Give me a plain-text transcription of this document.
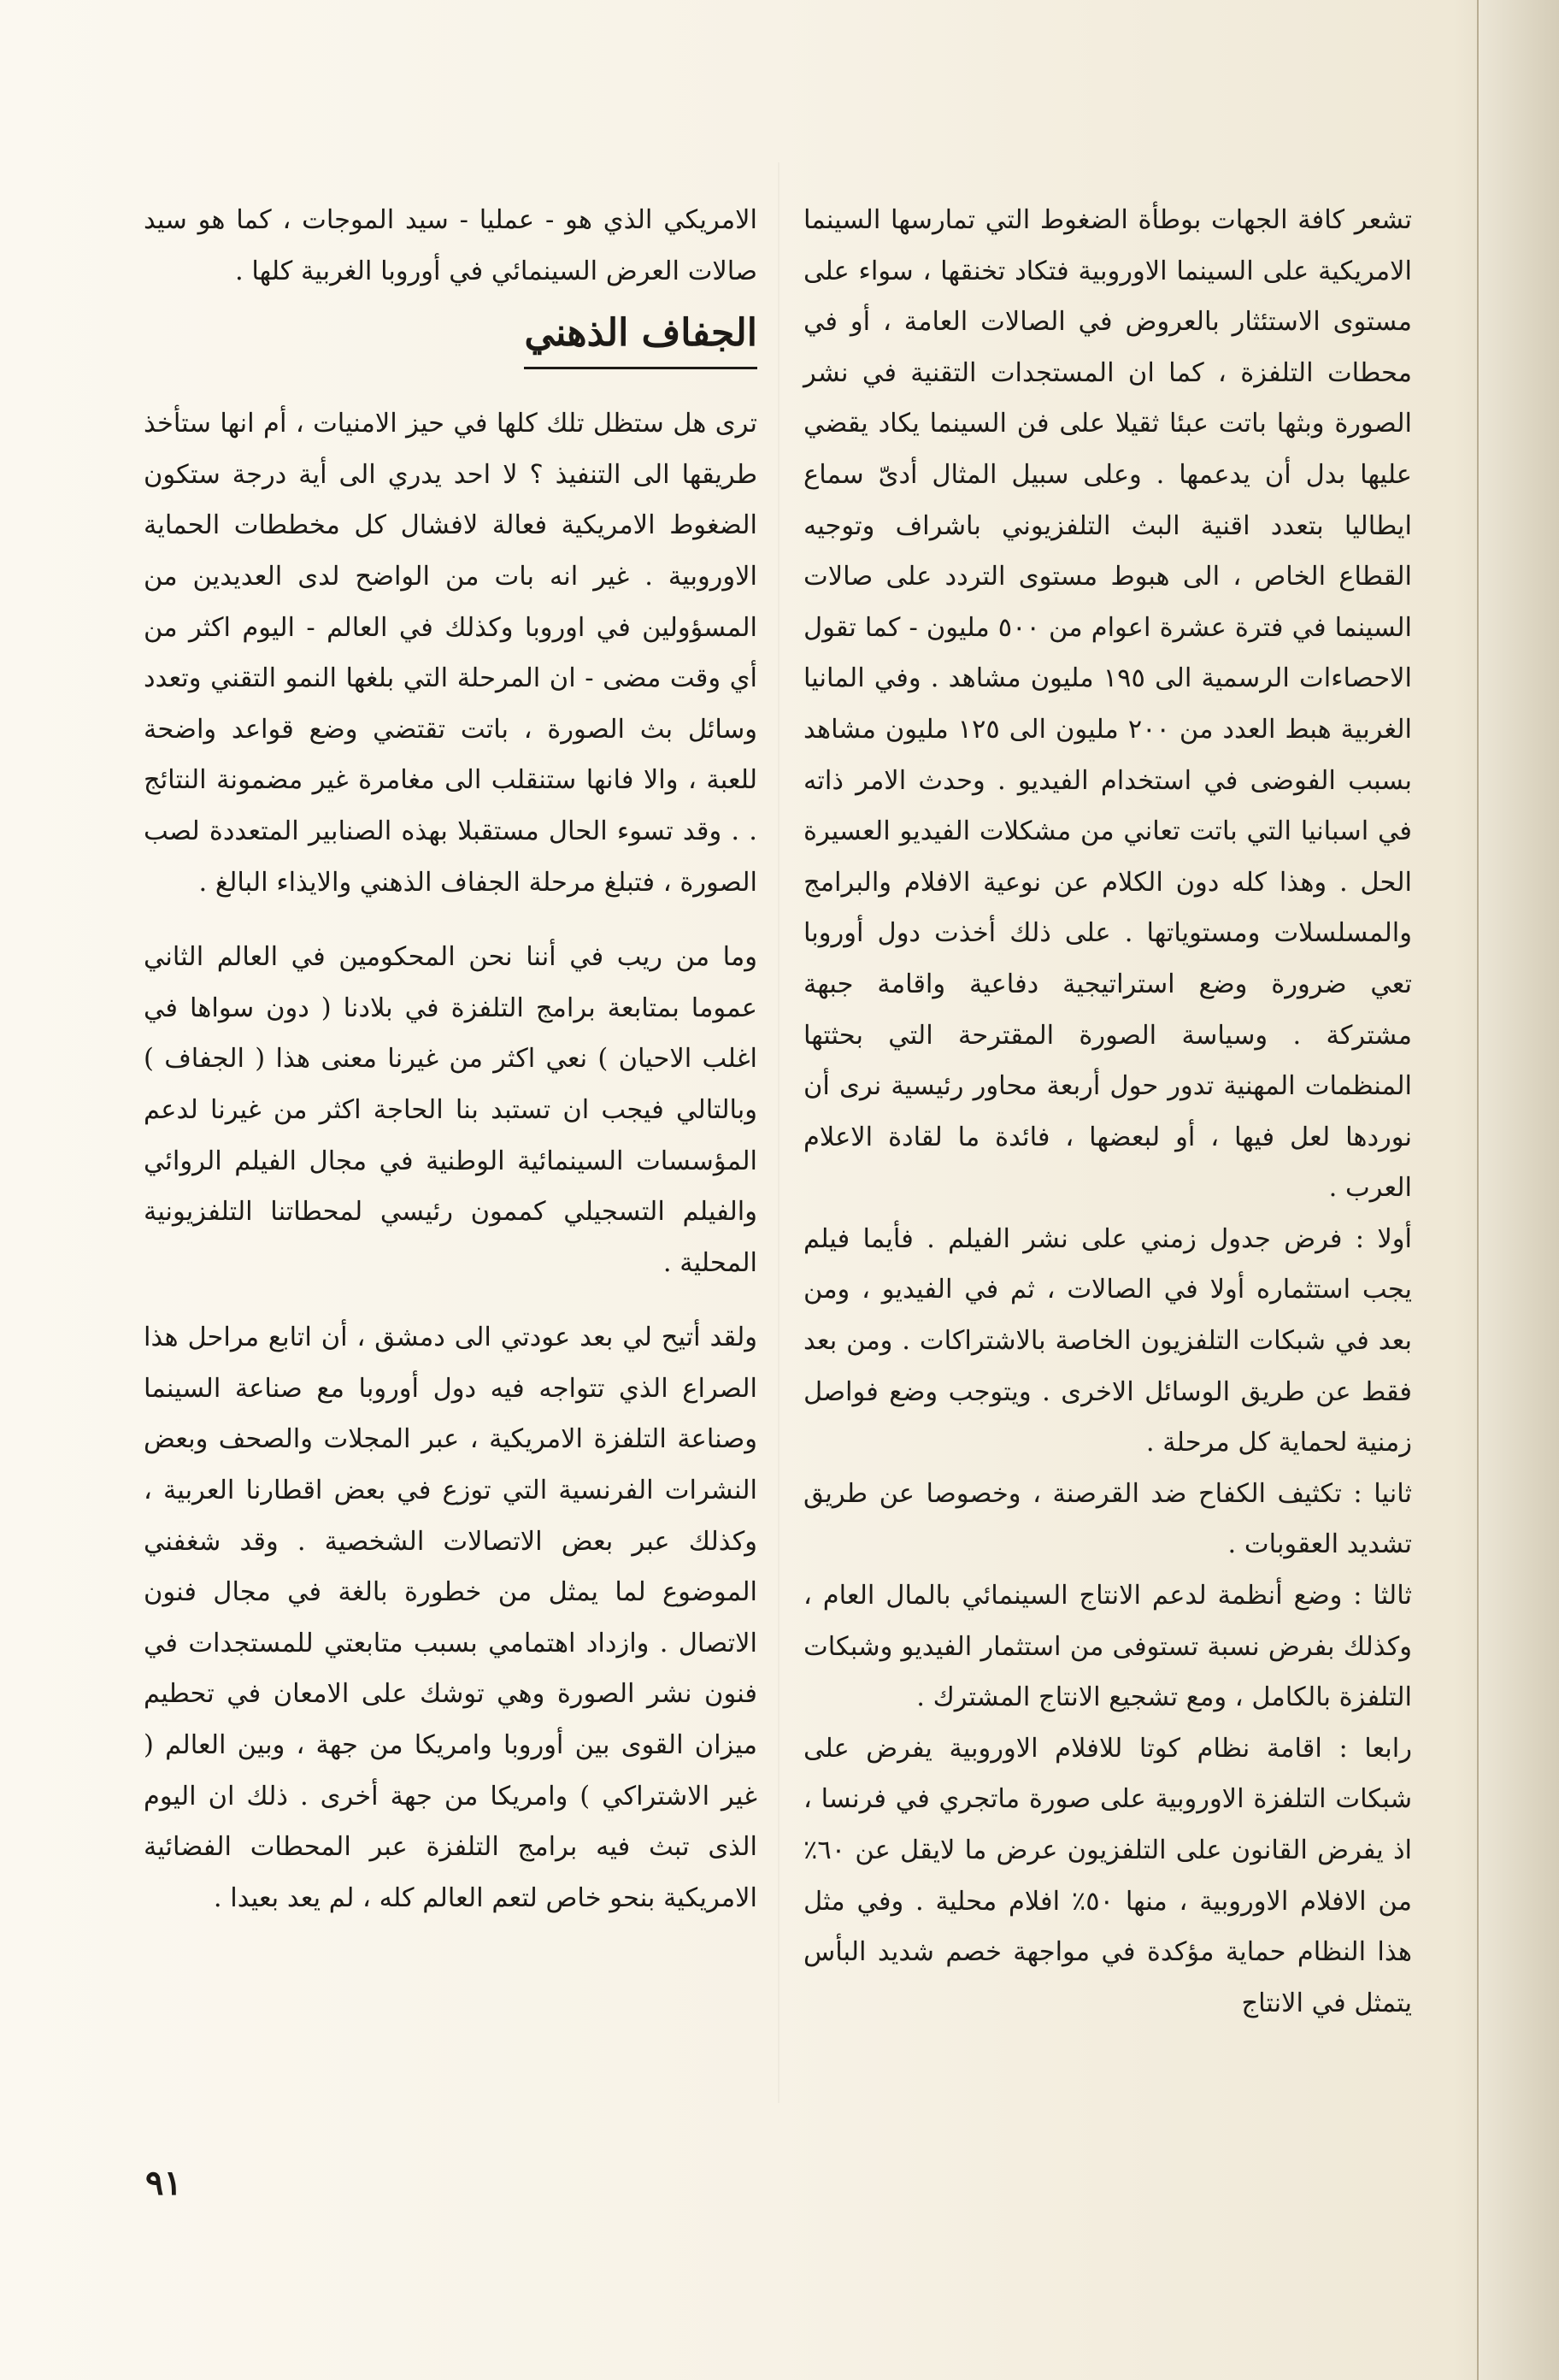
تشعر كافة الجهات بوطأة الضغوط التي تمارسها السينما الامريكية على السينما الاوروبية فتكاد تخنقها ، سواء على مستوى الاستئثار بالعروض في الصالات العامة ، أو في محطات التلفزة ، كما ان المستجدات التقنية في نشر الصورة وبثها باتت عبئا ثقيلا على فن السينما يكاد يقضي عليها بدل أن يدعمها . وعلى سبيل المثال أدىّ سماع ايطاليا بتعدد اقنية البث التلفزيوني باشراف وتوجيه القطاع الخاص ، الى هبوط مستوى التردد على صالات السينما في فترة عشرة اعوام من ٥٠٠ مليون - كما تقول الاحصاءات الرسمية الى ١٩٥ مليون مشاهد . وفي المانيا الغربية هبط العدد من ٢٠٠ مليون الى ١٢٥ مليون مشاهد بسبب الفوضى في استخدام الفيديو . وحدث الامر ذاته في اسبانيا التي باتت تعاني من مشكلات الفيديو العسيرة الحل . وهذا كله دون الكلام عن نوعية الافلام والبرامج والمسلسلات ومستوياتها . على ذلك أخذت دول أوروبا تعي ضرورة وضع استراتيجية دفاعية واقامة جبهة مشتركة . وسياسة الصورة المقترحة التي بحثتها المنظمات المهنية تدور حول أربعة محاور رئيسية نرى أن نوردها لعل فيها ، أو لبعضها ، فائدة ما لقادة الاعلام العرب .

أولا : فرض جدول زمني على نشر الفيلم . فأيما فيلم يجب استثماره أولا في الصالات ، ثم في الفيديو ، ومن بعد في شبكات التلفزيون الخاصة بالاشتراكات . ومن بعد فقط عن طريق الوسائل الاخرى . ويتوجب وضع فواصل زمنية لحماية كل مرحلة .

ثانيا : تكثيف الكفاح ضد القرصنة ، وخصوصا عن طريق تشديد العقوبات .

ثالثا : وضع أنظمة لدعم الانتاج السينمائي بالمال العام ، وكذلك بفرض نسبة تستوفى من استثمار الفيديو وشبكات التلفزة بالكامل ، ومع تشجيع الانتاج المشترك .

رابعا : اقامة نظام كوتا للافلام الاوروبية يفرض على شبكات التلفزة الاوروبية على صورة ماتجري في فرنسا ، اذ يفرض القانون على التلفزيون عرض ما لايقل عن ٦٠٪ من الافلام الاوروبية ، منها ٥٠٪ افلام محلية . وفي مثل هذا النظام حماية مؤكدة في مواجهة خصم شديد البأس يتمثل في الانتاج

الامريكي الذي هو - عمليا - سيد الموجات ، كما هو سيد صالات العرض السينمائي في أوروبا الغربية كلها .

الجفاف الذهني

ترى هل ستظل تلك كلها في حيز الامنيات ، أم انها ستأخذ طريقها الى التنفيذ ؟ لا احد يدري الى أية درجة ستكون الضغوط الامريكية فعالة لافشال كل مخططات الحماية الاوروبية . غير انه بات من الواضح لدى العديدين من المسؤولين في اوروبا وكذلك في العالم - اليوم اكثر من أي وقت مضى - ان المرحلة التي بلغها النمو التقني وتعدد وسائل بث الصورة ، باتت تقتضي وضع قواعد واضحة للعبة ، والا فانها ستنقلب الى مغامرة غير مضمونة النتائج . . وقد تسوء الحال مستقبلا بهذه الصنابير المتعددة لصب الصورة ، فتبلغ مرحلة الجفاف الذهني والايذاء البالغ .

وما من ريب في أننا نحن المحكومين في العالم الثاني عموما بمتابعة برامج التلفزة في بلادنا ( دون سواها في اغلب الاحيان ) نعي اكثر من غيرنا معنى هذا ( الجفاف ) وبالتالي فيجب ان تستبد بنا الحاجة اكثر من غيرنا لدعم المؤسسات السينمائية الوطنية في مجال الفيلم الروائي والفيلم التسجيلي كممون رئيسي لمحطاتنا التلفزيونية المحلية .

ولقد أتيح لي بعد عودتي الى دمشق ، أن اتابع مراحل هذا الصراع الذي تتواجه فيه دول أوروبا مع صناعة السينما وصناعة التلفزة الامريكية ، عبر المجلات والصحف وبعض النشرات الفرنسية التي توزع في بعض اقطارنا العربية ، وكذلك عبر بعض الاتصالات الشخصية . وقد شغفني الموضوع لما يمثل من خطورة بالغة في مجال فنون الاتصال . وازداد اهتمامي بسبب متابعتي للمستجدات في فنون نشر الصورة وهي توشك على الامعان في تحطيم ميزان القوى بين أوروبا وامريكا من جهة ، وبين العالم ( غير الاشتراكي ) وامريكا من جهة أخرى . ذلك ان اليوم الذى تبث فيه برامج التلفزة عبر المحطات الفضائية الامريكية بنحو خاص لتعم العالم كله ، لم يعد بعيدا .

٩١
